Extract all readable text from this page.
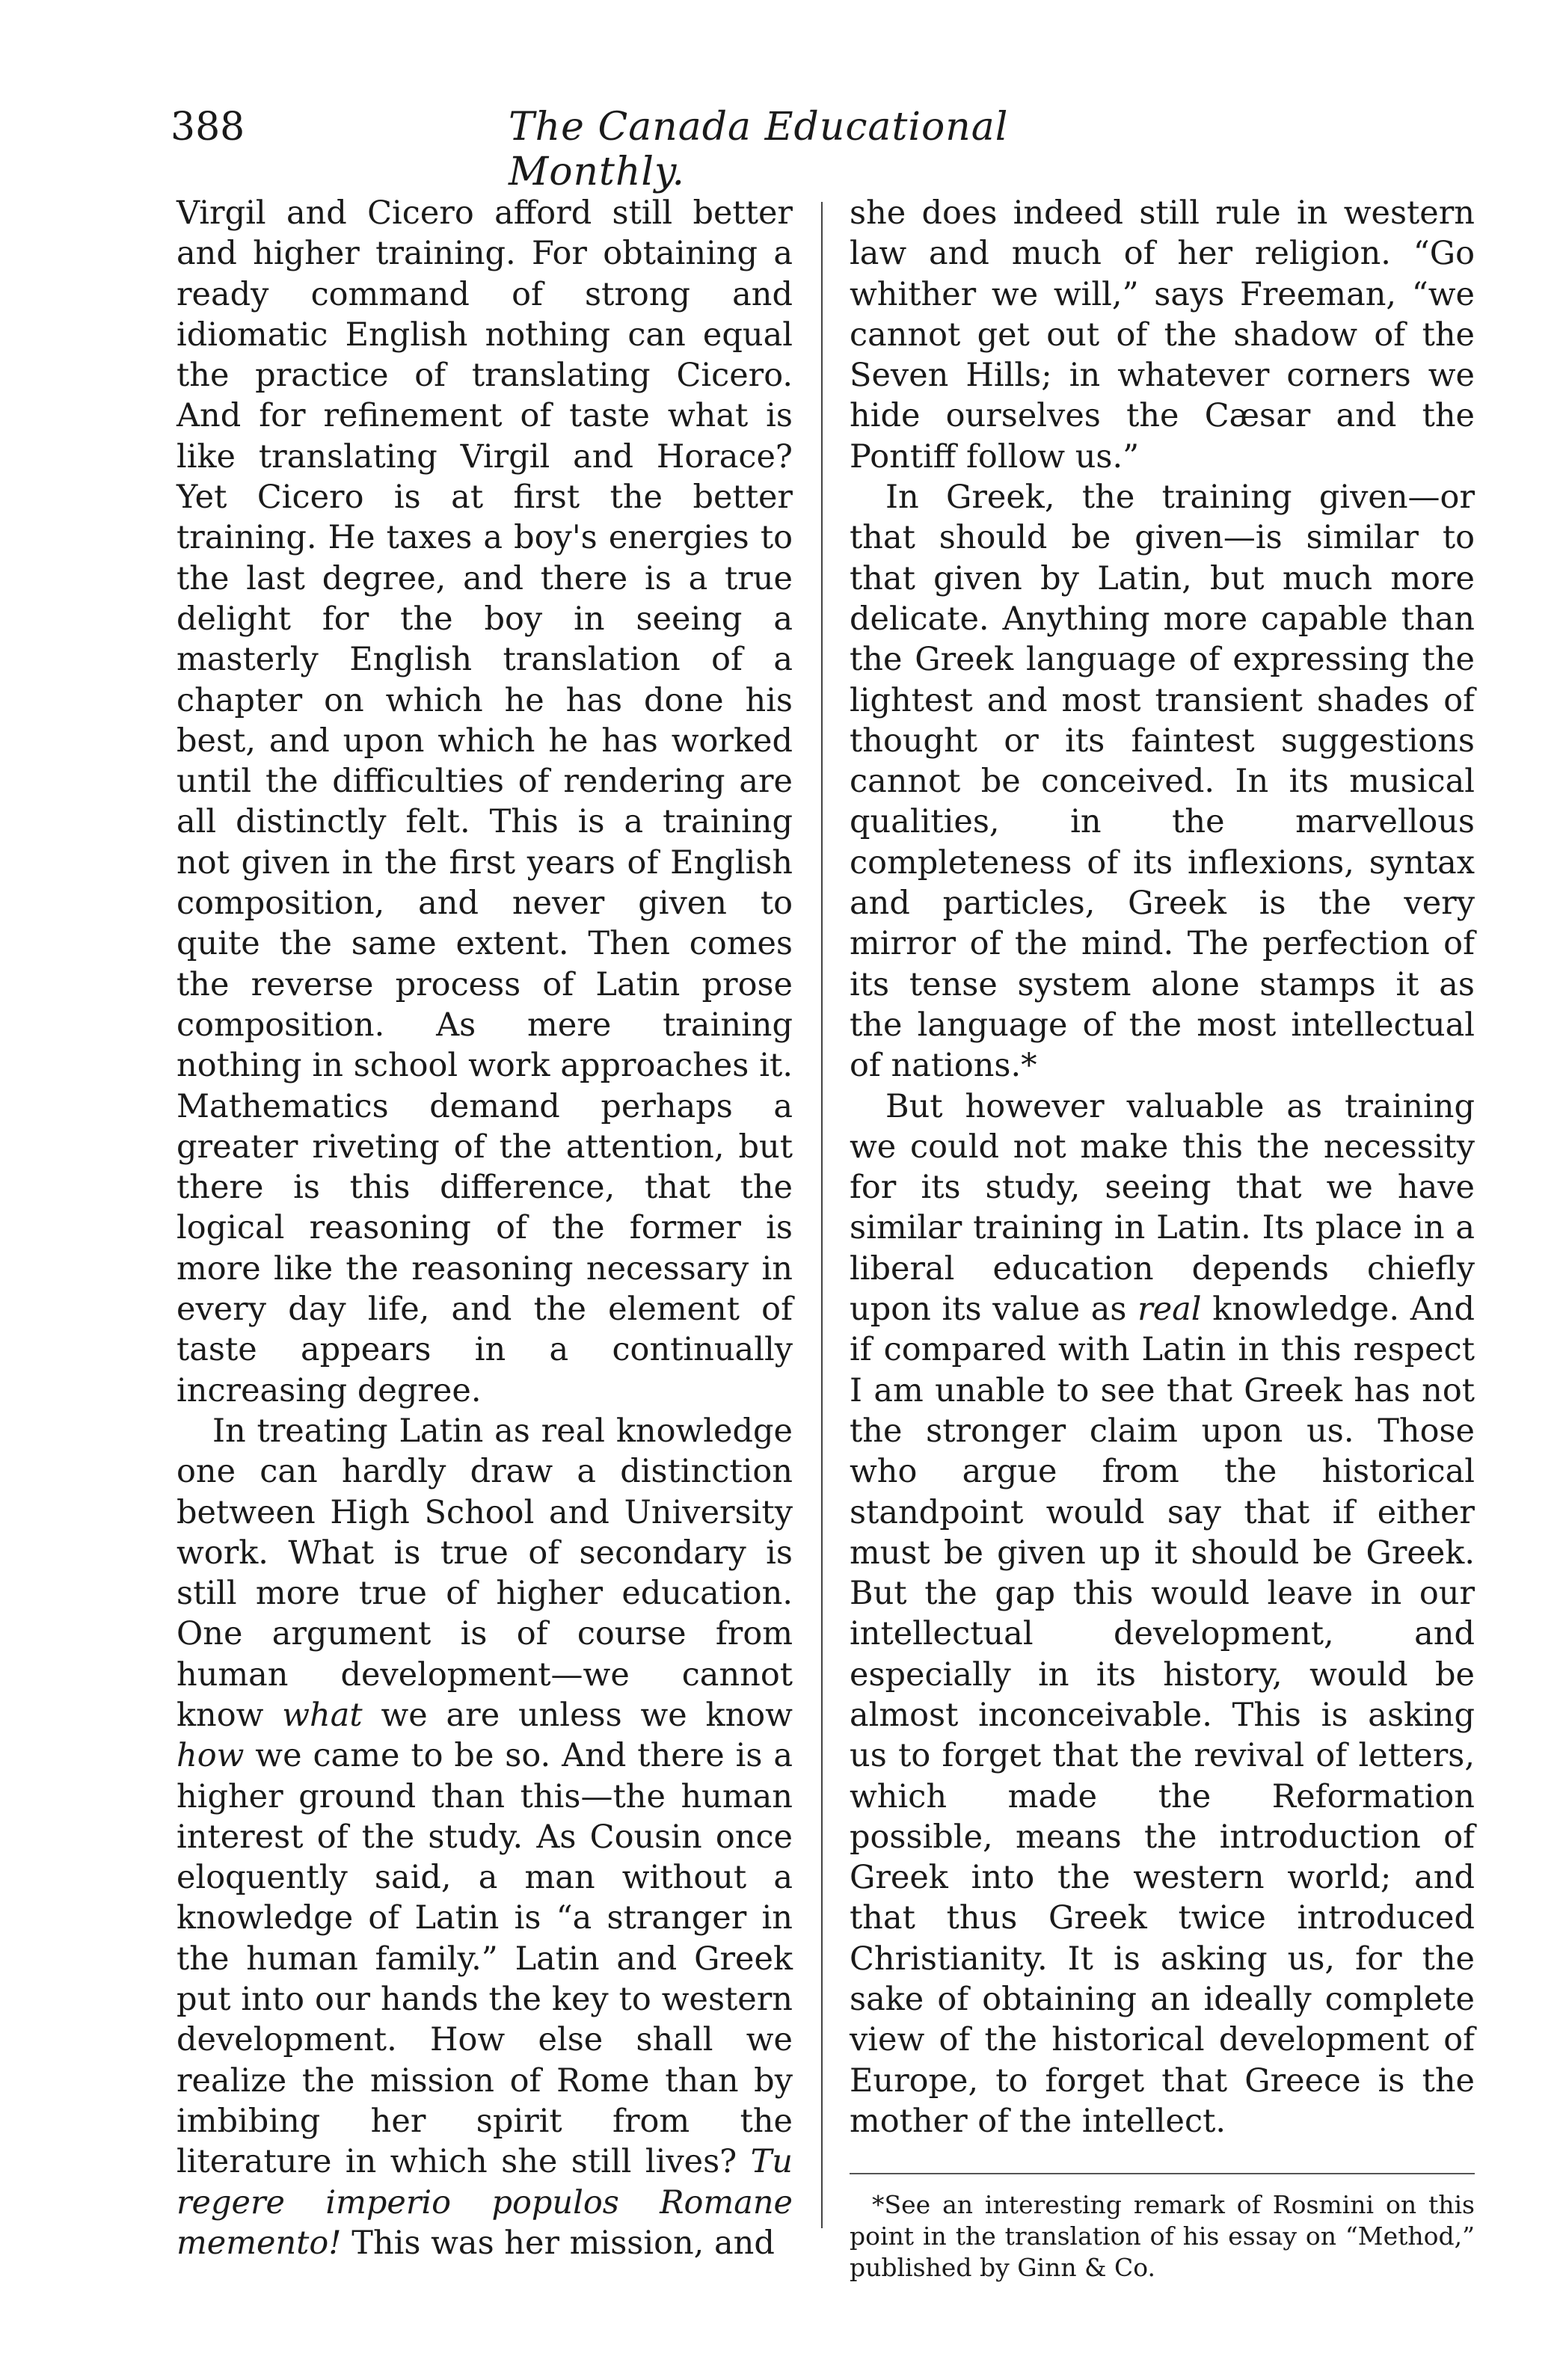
388	The Canada Educational Monthly.

Virgil and Cicero afford still better and higher training. For obtaining a ready command of strong and idiomatic English nothing can equal the practice of translating Cicero. And for refinement of taste what is like translating Virgil and Horace? Yet Cicero is at first the better training. He taxes a boy's energies to the last degree, and there is a true delight for the boy in seeing a masterly English translation of a chapter on which he has done his best, and upon which he has worked until the difficulties of rendering are all distinctly felt. This is a training not given in the first years of English composition, and never given to quite the same extent. Then comes the reverse process of Latin prose composition. As mere training nothing in school work approaches it. Mathematics demand perhaps a greater riveting of the attention, but there is this difference, that the logical reasoning of the former is more like the reasoning necessary in every day life, and the element of taste appears in a continually increasing degree.

In treating Latin as real knowledge one can hardly draw a distinction between High School and University work. What is true of secondary is still more true of higher education. One argument is of course from human development—we cannot know what we are unless we know how we came to be so. And there is a higher ground than this—the human interest of the study. As Cousin once eloquently said, a man without a knowledge of Latin is “a stranger in the human family.” Latin and Greek put into our hands the key to western development. How else shall we realize the mission of Rome than by imbibing her spirit from the literature in which she still lives? Tu regere imperio populos Romane memento! This was her mission, and

she does indeed still rule in western law and much of her religion. “Go whither we will,” says Freeman, “we cannot get out of the shadow of the Seven Hills; in whatever corners we hide ourselves the Cæsar and the Pontiff follow us.”

In Greek, the training given—or that should be given—is similar to that given by Latin, but much more delicate. Anything more capable than the Greek language of expressing the lightest and most transient shades of thought or its faintest suggestions cannot be conceived. In its musical qualities, in the marvellous completeness of its inflexions, syntax and particles, Greek is the very mirror of the mind. The perfection of its tense system alone stamps it as the language of the most intellectual of nations.*

But however valuable as training we could not make this the necessity for its study, seeing that we have similar training in Latin. Its place in a liberal education depends chiefly upon its value as real knowledge. And if compared with Latin in this respect I am unable to see that Greek has not the stronger claim upon us. Those who argue from the historical standpoint would say that if either must be given up it should be Greek. But the gap this would leave in our intellectual development, and especially in its history, would be almost inconceivable. This is asking us to forget that the revival of letters, which made the Reformation possible, means the introduction of Greek into the western world; and that thus Greek twice introduced Christianity. It is asking us, for the sake of obtaining an ideally complete view of the historical development of Europe, to forget that Greece is the mother of the intellect.

*See an interesting remark of Rosmini on this point in the translation of his essay on “Method,” published by Ginn & Co.
